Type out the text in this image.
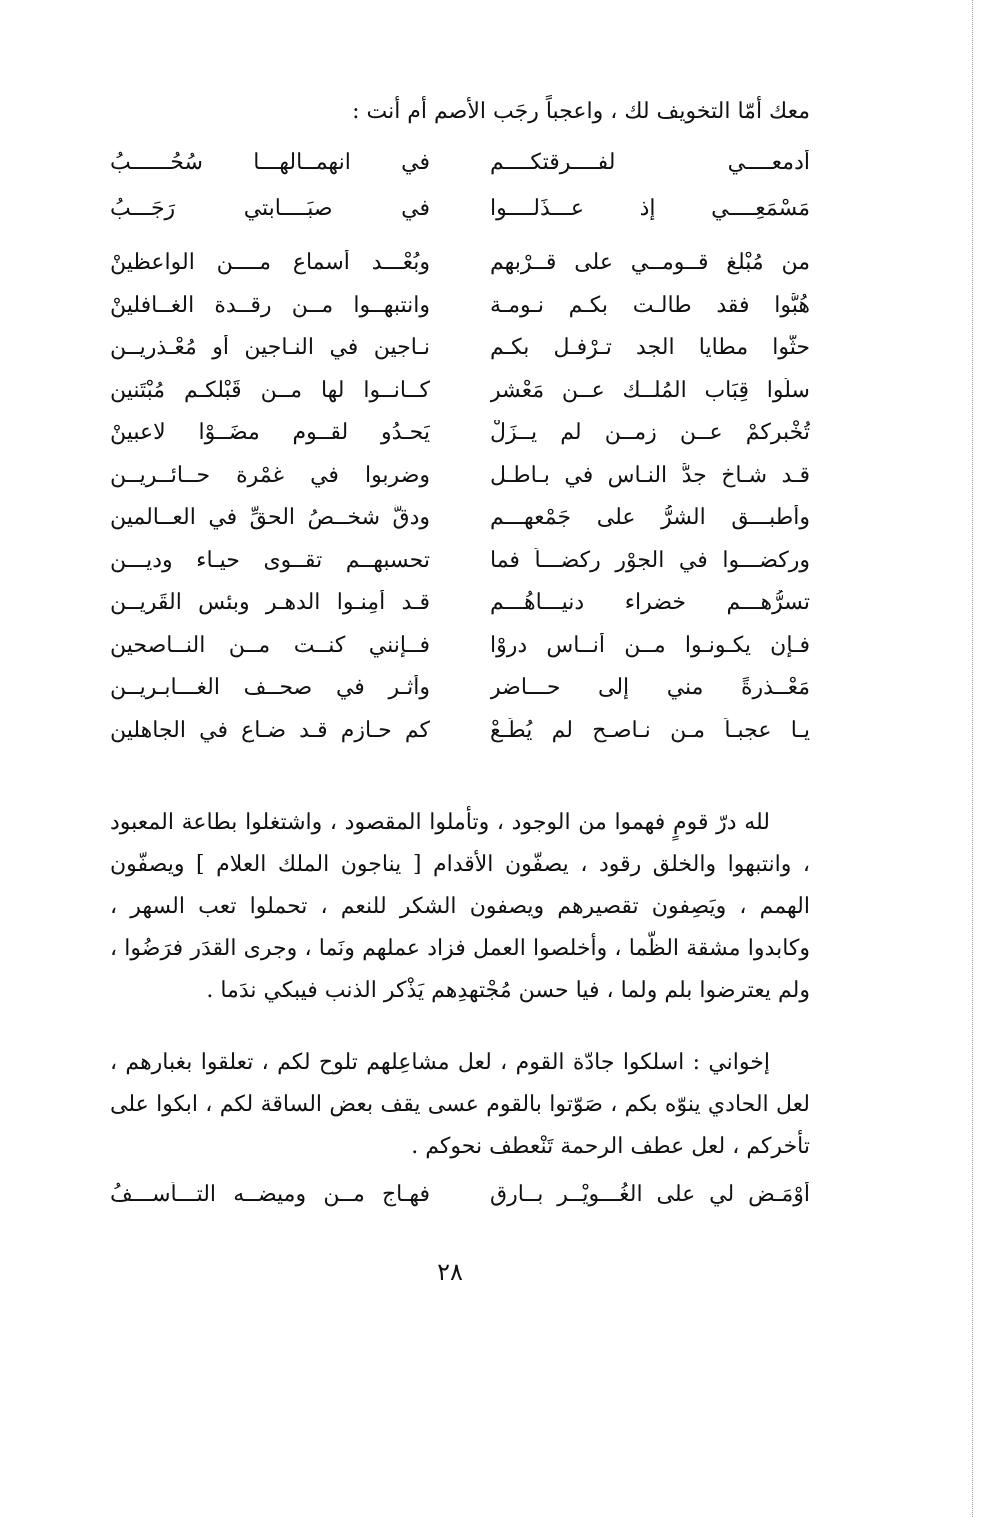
معك أمّا التخويف لك ، واعجباً رجَب الأصم أم أنت :
أدمعــــي لفــــرقتكــــم
في انهمــالهـــا سُحُــــــبُ
مَسْمَعِــــي إذ عـــذَلــــوا
في صبَــــابتي رَجَـــبُ
من مُبْلغ قــومــي على قــرْبهم
وبُعْـــد أسماع مــــن الواعظينْ
هُبُّوا فقد طالـت بكـم نـومـة
وانتبهــوا مــن رقــدة الغــافلينْ
حثُّوا مطايا الجد تـرْفـل بكـم
نـاجين في النـاجين أو مُعْـذريــن
سلُوا قِبَاب المُلــك عــن مَعْشرٍ
كــانــوا لها مــن قَبْلكـم مُبْتَنين
تُخْبركمْ عــن زمــنٍ لم يــزَلْ
يَحـدُو لقــوم مضَــوْا لاعبينْ
قـد شـاخ جدُّ النـاس في بـاطـل
وضربوا في غمْرة حــائــريــن
وأطبـــق الشرُّ على جَمْعهـــم
ودقَّ شخــصُ الحقِّ في العــالمين
وركضـــوا في الجوْر ركضـــاً فما
تحسبهــم تقــوى حيـاء وديـــن
تسرُّهـــم خضراء دنيـــاهُـــم
قـد أمِنـوا الدهـر وبئس القَريــن
فـإن يكـونـوا مــن أنــاس دروْا
فــإنني كنــت مــن النــاصحين
مَعْــذرةً مني إلى حـــاضر
وأثـرٍ في صحــف الغـــابـريــن
يـا عجبـاً مـن نـاصـح لم يُطَـعْ
كم حـازم قـد ضـاع في الجاهلين

لله درّ قومٍ فهموا من الوجود ، وتأملوا المقصود ، واشتغلوا بطاعة المعبود ، وانتبهوا والخلق رقود ، يصفّون الأقدام [ يناجون الملك العلام ] ويصفّون الهمم ، ويَصِفون تقصيرهم ويصفون الشكر للنعم ، تحملوا تعب السهر ، وكابدوا مشقة الظّما ، وأخلصوا العمل فزاد عملهم ونَما ، وجرى القدَر فرَضُوا ، ولم يعترضوا بلم ولما ، فيا حسن مُجْتهدِهم يَذْكر الذنب فيبكي ندَما .

إخواني : اسلكوا جادّة القوم ، لعل مشاعِلهم تلوح لكم ، تعلقوا بغبارهم ، لعل الحادي ينوّه بكم ، صَوّتوا بالقوم عسى يقف بعض الساقة لكم ، ابكوا على تأخركم ، لعل عطف الرحمة تَنْعطف نحوكم .

أوْمَـض لي على الغُـــويْــر بــارق
فهـاج مــن وميضــه التـــأســـفُ
٢٨
